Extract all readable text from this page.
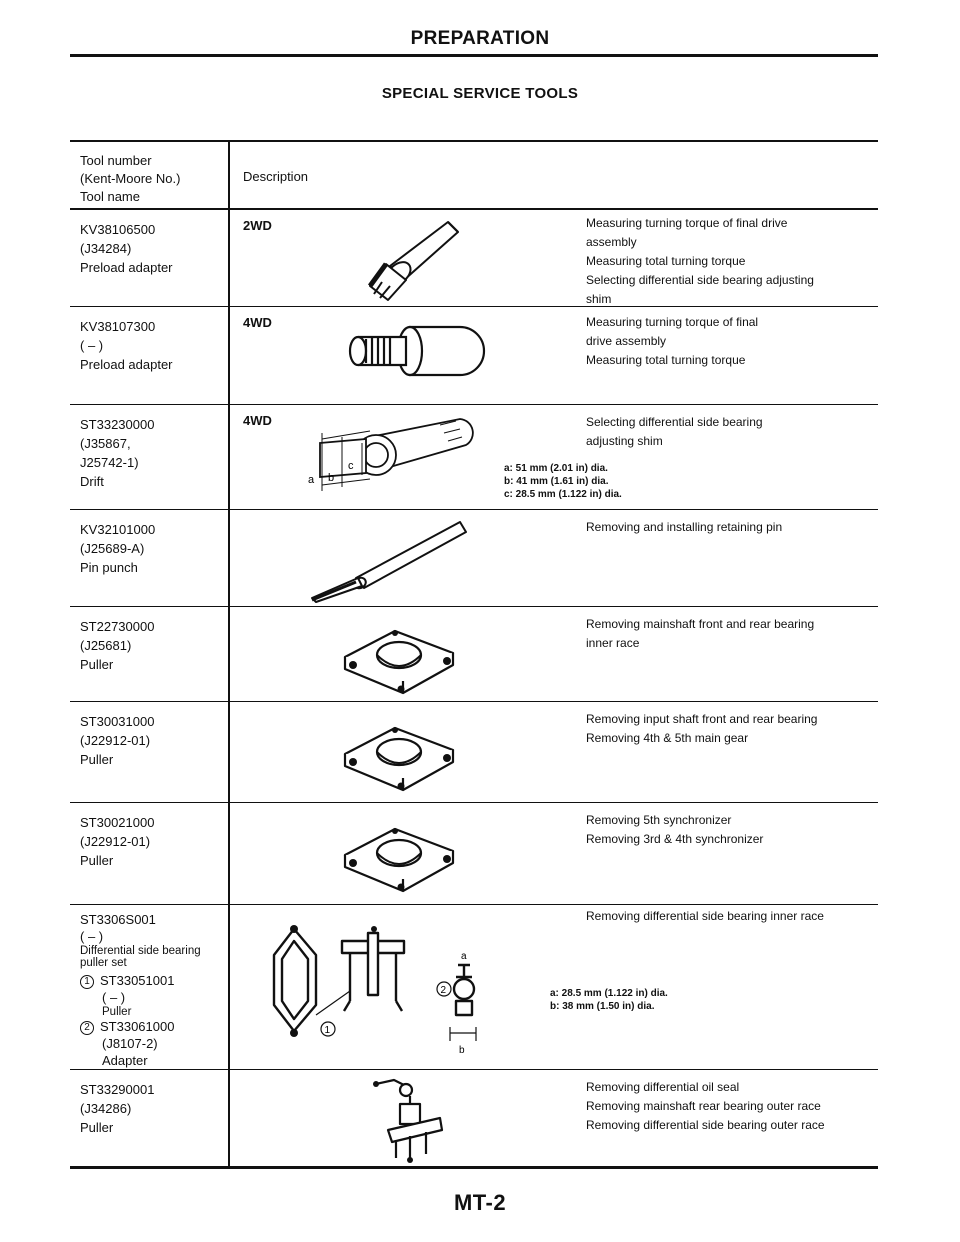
PREPARATION
SPECIAL SERVICE TOOLS
Tool number
(Kent-Moore No.)
Tool name
Description
KV38106500
(J34284)
Preload adapter
2WD	Measuring turning torque of final drive
assembly
Measuring total turning torque
Selecting differential side bearing adjusting
shim
KV38107300
( – )
Preload adapter
4WD	Measuring turning torque of final
drive assembly
Measuring total turning torque
ST33230000
(J35867,
J25742-1)
Drift
4WD
a b
c
Selecting differential side bearing
adjusting shim
a: 51 mm (2.01 in) dia.
b: 41 mm (1.61 in) dia.
c: 28.5 mm (1.122 in) dia.
KV32101000
(J25689-A)
Pin punch
Removing and installing retaining pin
ST22730000
(J25681)
Puller
Removing mainshaft front and rear bearing
inner race
ST30031000
(J22912-01)
Puller
Removing input shaft front and rear bearing
Removing 4th & 5th main gear
ST30021000
(J22912-01)
Puller
Removing 5th synchronizer
Removing 3rd & 4th synchronizer
ST3306S001
( – )
Differential side bearing puller set
1 ST33051001
( – )
Puller
2 ST33061000
(J8107-2)
Adapter
1
2
a
b
Removing differential side bearing inner race
a: 28.5 mm (1.122 in) dia.
b: 38 mm (1.50 in) dia.
ST33290001
(J34286)
Puller
Removing differential oil seal
Removing mainshaft rear bearing outer race
Removing differential side bearing outer race
MT-2
